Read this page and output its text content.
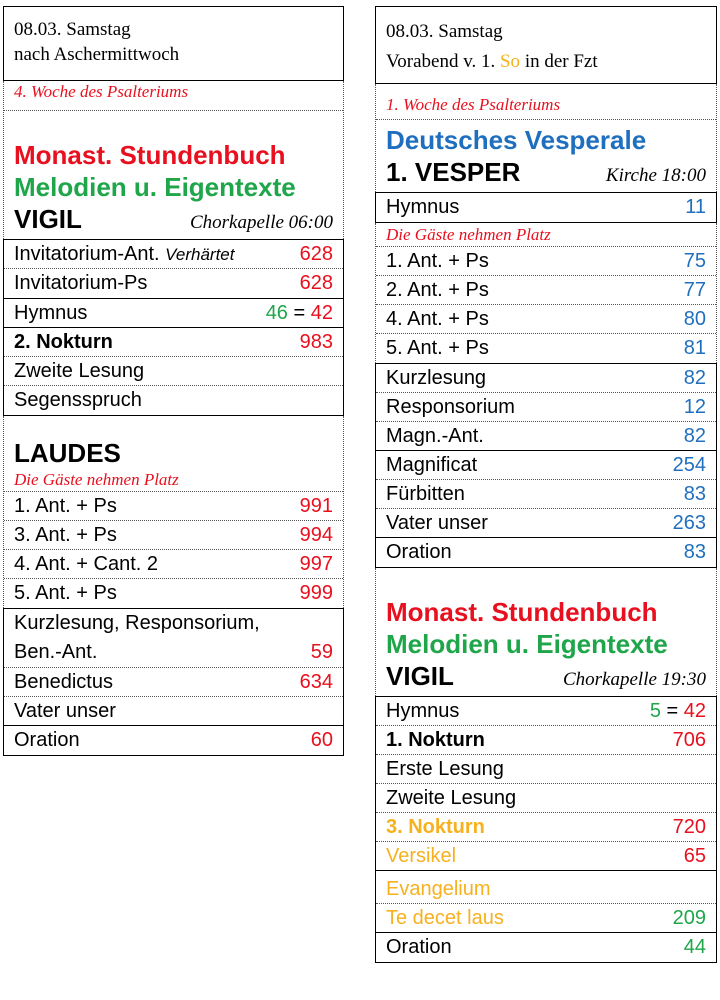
08.03. Samstag
nach Aschermittwoch
4. Woche des Psalteriums
Monast. Stundenbuch
Melodien u. Eigentexte
VIGIL	Chorkapelle 06:00
Invitatorium-Ant. Verhärtet	628
Invitatorium-Ps	628
Hymnus	46 = 42
2. Nokturn	983
Zweite Lesung
Segensspruch
LAUDES
Die Gäste nehmen Platz
1. Ant. + Ps	991
3. Ant. + Ps	994
4. Ant. + Cant. 2	997
5. Ant. + Ps	999
Kurzlesung, Responsorium,
Ben.-Ant.	59
Benedictus	634
Vater unser
Oration	60
08.03. Samstag
Vorabend v. 1. So in der Fzt
1. Woche des Psalteriums
Deutsches Vesperale
1. VESPER	Kirche 18:00
Hymnus	11
Die Gäste nehmen Platz
1. Ant. + Ps	75
2. Ant. + Ps	77
4. Ant. + Ps	80
5. Ant. + Ps	81
Kurzlesung	82
Responsorium	12
Magn.-Ant.	82
Magnificat	254
Fürbitten	83
Vater unser	263
Oration	83
Monast. Stundenbuch
Melodien u. Eigentexte
VIGIL	Chorkapelle 19:30
Hymnus	5 = 42
1. Nokturn	706
Erste Lesung
Zweite Lesung
3. Nokturn	720
Versikel	65
Evangelium
Te decet laus	209
Oration	44
